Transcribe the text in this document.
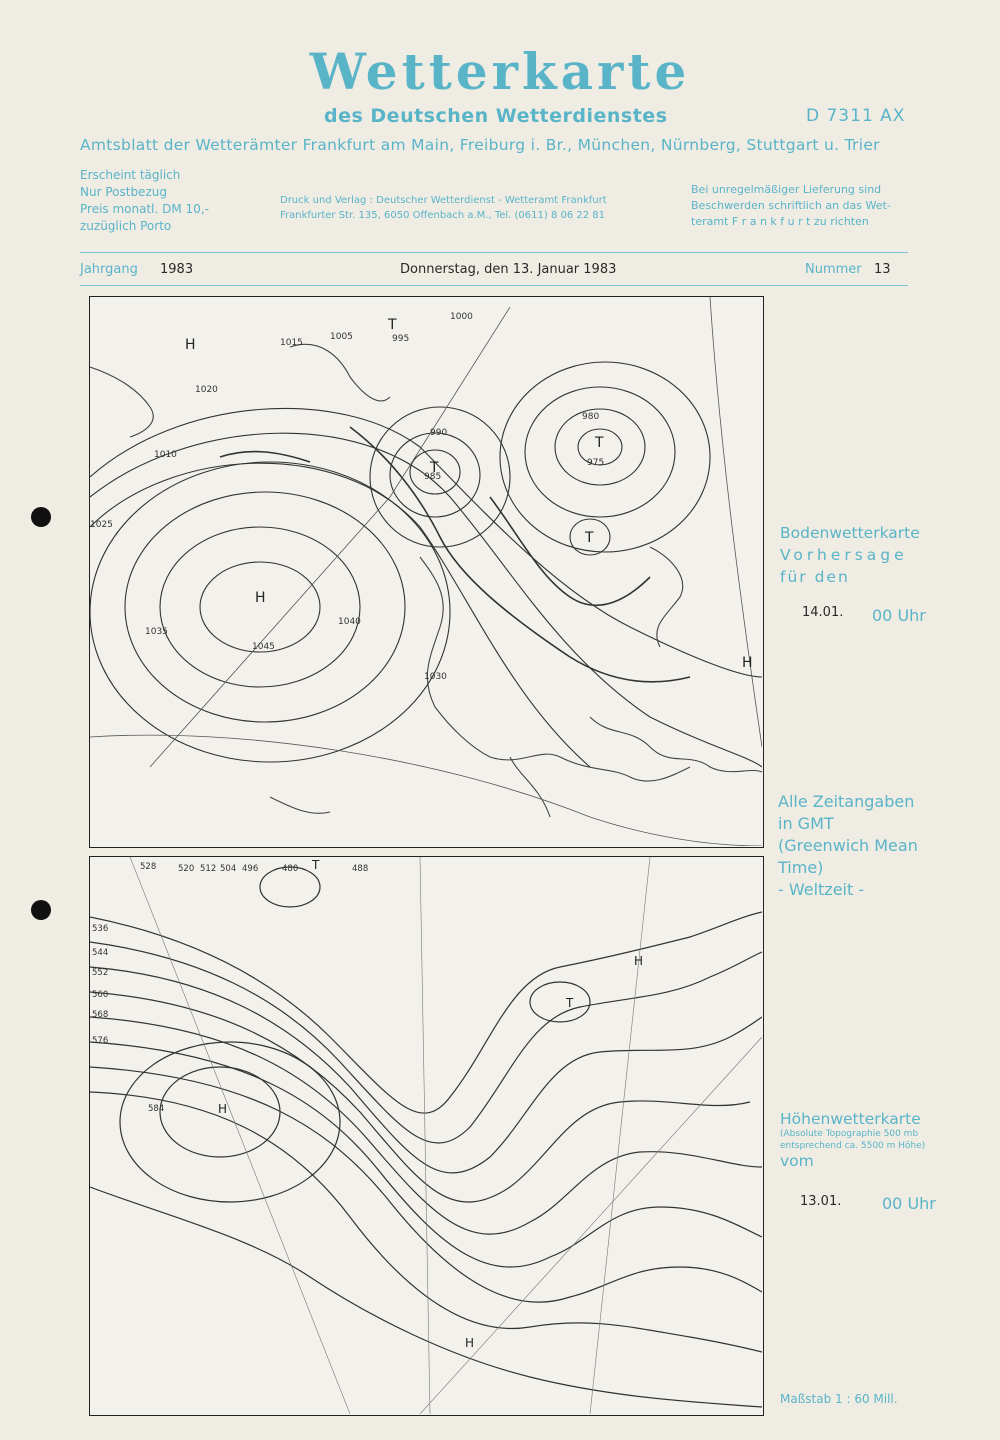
Wetterkarte
des Deutschen Wetterdienstes	D 7311 AX
Amtsblatt der Wetterämter Frankfurt am Main, Freiburg i. Br., München, Nürnberg, Stuttgart u. Trier
Erscheint täglich
Nur Postbezug
Preis monatl. DM 10,-
zuzüglich Porto
Druck und Verlag : Deutscher Wetterdienst - Wetteramt Frankfurt
Frankfurter Str. 135, 6050 Offenbach a.M., Tel. (0611) 8 06 22 81
Bei unregelmäßiger Lieferung sind
Beschwerden schriftlich an das Wet-
teramt F r a n k f u r t zu richten
Jahrgang 1983	Donnerstag, den 13. Januar 1983	Nummer 13
1005	995
1000
1015
1010
1020
1025
1030
1035
1040
1045
990
985
980
975
H
H
H
T
T
T
T
Bodenwetterkarte
Vorhersage
für den
14.01. 00 Uhr
Alle Zeitangaben
in GMT
(Greenwich Mean
Time)
- Weltzeit -
528	520 512 504 496	480	488
536
544
552
560
568
576
584
T
T
H
H
H
Höhenwetterkarte
(Absolute Topographie 500 mb
entsprechend ca. 5500 m Höhe)
vom
13.01.	00 Uhr
Maßstab 1 : 60 Mill.
